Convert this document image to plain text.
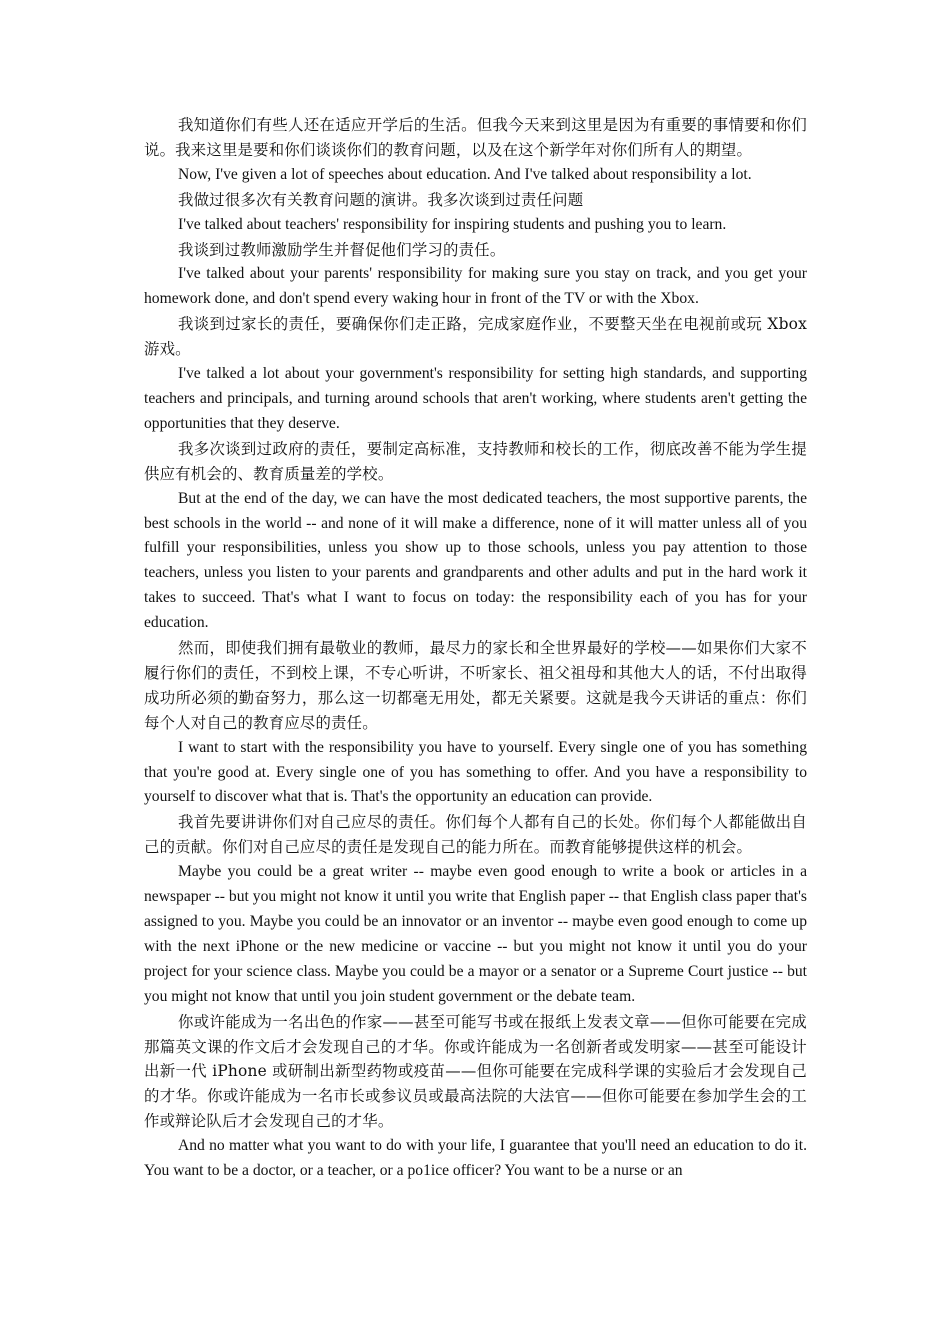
我知道你们有些人还在适应开学后的生活。但我今天来到这里是因为有重要的事情要和你们说。我来这里是要和你们谈谈你们的教育问题，以及在这个新学年对你们所有人的期望。

Now, I've given a lot of speeches about education. And I've talked about responsibility a lot.

我做过很多次有关教育问题的演讲。我多次谈到过责任问题

I've talked about teachers' responsibility for inspiring students and pushing you to learn.

我谈到过教师激励学生并督促他们学习的责任。

I've talked about your parents' responsibility for making sure you stay on track, and you get your homework done, and don't spend every waking hour in front of the TV or with the Xbox.

我谈到过家长的责任，要确保你们走正路，完成家庭作业，不要整天坐在电视前或玩 Xbox 游戏。

I've talked a lot about your government's responsibility for setting high standards, and supporting teachers and principals, and turning around schools that aren't working, where students aren't getting the opportunities that they deserve.

我多次谈到过政府的责任，要制定高标准，支持教师和校长的工作，彻底改善不能为学生提供应有机会的、教育质量差的学校。

But at the end of the day, we can have the most dedicated teachers, the most supportive parents, the best schools in the world -- and none of it will make a difference, none of it will matter unless all of you fulfill your responsibilities, unless you show up to those schools, unless you pay attention to those teachers, unless you listen to your parents and grandparents and other adults and put in the hard work it takes to succeed. That's what I want to focus on today: the responsibility each of you has for your education.

然而，即使我们拥有最敬业的教师，最尽力的家长和全世界最好的学校——如果你们大家不履行你们的责任，不到校上课，不专心听讲，不听家长、祖父祖母和其他大人的话，不付出取得成功所必须的勤奋努力，那么这一切都毫无用处，都无关紧要。这就是我今天讲话的重点：你们每个人对自己的教育应尽的责任。

I want to start with the responsibility you have to yourself. Every single one of you has something that you're good at. Every single one of you has something to offer. And you have a responsibility to yourself to discover what that is. That's the opportunity an education can provide.

我首先要讲讲你们对自己应尽的责任。你们每个人都有自己的长处。你们每个人都能做出自己的贡献。你们对自己应尽的责任是发现自己的能力所在。而教育能够提供这样的机会。

Maybe you could be a great writer -- maybe even good enough to write a book or articles in a newspaper -- but you might not know it until you write that English paper -- that English class paper that's assigned to you. Maybe you could be an innovator or an inventor -- maybe even good enough to come up with the next iPhone or the new medicine or vaccine -- but you might not know it until you do your project for your science class. Maybe you could be a mayor or a senator or a Supreme Court justice -- but you might not know that until you join student government or the debate team.

你或许能成为一名出色的作家——甚至可能写书或在报纸上发表文章——但你可能要在完成那篇英文课的作文后才会发现自己的才华。你或许能成为一名创新者或发明家——甚至可能设计出新一代 iPhone 或研制出新型药物或疫苗——但你可能要在完成科学课的实验后才会发现自己的才华。你或许能成为一名市长或参议员或最高法院的大法官——但你可能要在参加学生会的工作或辩论队后才会发现自己的才华。

And no matter what you want to do with your life, I guarantee that you'll need an education to do it. You want to be a doctor, or a teacher, or a po1ice officer? You want to be a nurse or an
